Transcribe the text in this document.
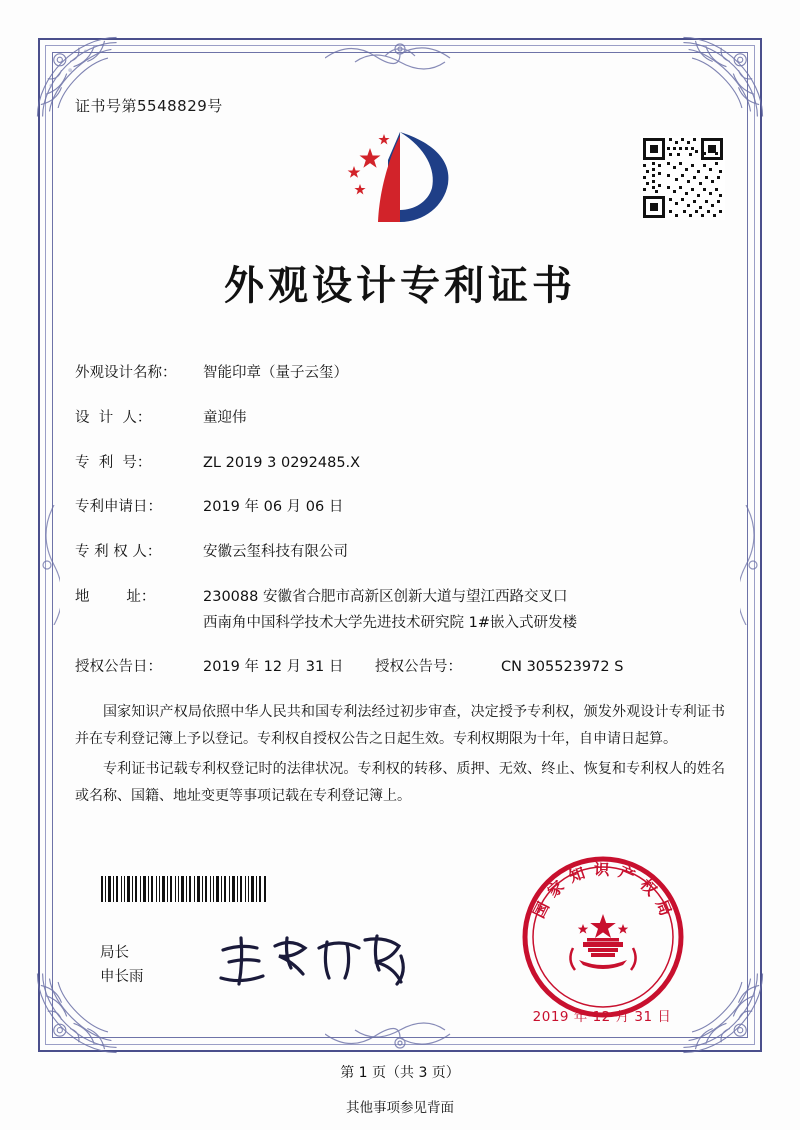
证书号第5548829号
外观设计专利证书
外观设计名称：	智能印章（量子云玺）
设  计  人：	童迎伟
专  利  号：	ZL 2019 3 0292485.X
专利申请日：	2019 年 06 月 06 日
专 利 权 人：	安徽云玺科技有限公司
地        址：	230088 安徽省合肥市高新区创新大道与望江西路交叉口
西南角中国科学技术大学先进技术研究院 1#嵌入式研发楼
授权公告日：	2019 年 12 月 31 日	授权公告号：	CN 305523972 S

国家知识产权局依照中华人民共和国专利法经过初步审查，决定授予专利权，颁发外观设计专利证书并在专利登记簿上予以登记。专利权自授权公告之日起生效。专利权期限为十年，自申请日起算。

专利证书记载专利权登记时的法律状况。专利权的转移、质押、无效、终止、恢复和专利权人的姓名或名称、国籍、地址变更等事项记载在专利登记簿上。

局长
申长雨
国家知识产权局
2019 年 12 月 31 日
第 1 页（共 3 页）
其他事项参见背面
